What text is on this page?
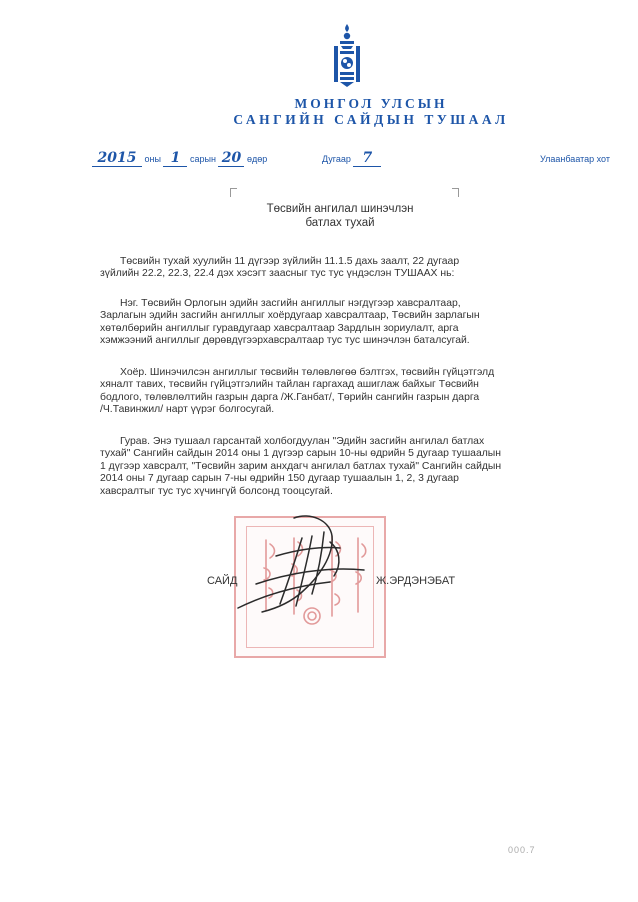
МОНГОЛ УЛСЫН
САНГИЙН САЙДЫН ТУШААЛ
2015 оны 1 сарын 20 өдөр	Дугаар 7	Улаанбаатар хот
Төсвийн ангилал шинэчлэн
батлах тухай
Төсвийн тухай хуулийн 11 дүгээр зүйлийн 11.1.5 дахь заалт, 22 дугаар
зүйлийн 22.2, 22.3, 22.4 дэх хэсэгт заасныг тус тус үндэслэн ТУШААХ нь:
Нэг. Төсвийн Орлогын эдийн засгийн ангиллыг нэгдүгээр хавсралтаар,
Зарлагын эдийн засгийн ангиллыг хоёрдугаар хавсралтаар, Төсвийн зарлагын
хөтөлбөрийн ангиллыг гуравдугаар хавсралтаар Зардлын зориулалт, арга
хэмжээний ангиллыг дөрөвдүгээрхавсралтаар тус тус шинэчлэн баталсугай.
Хоёр. Шинэчилсэн ангиллыг төсвийн төлөвлөгөө бэлтгэх, төсвийн гүйцэтгэлд
хяналт тавих, төсвийн гүйцэтгэлийн тайлан гаргахад ашиглаж байхыг Төсвийн
бодлого, төлөвлөлтийн газрын дарга /Ж.Ганбат/, Төрийн сангийн газрын дарга
/Ч.Тавинжил/ нарт үүрэг болгосугай.
Гурав. Энэ тушаал гарсантай холбогдуулан "Эдийн засгийн ангилал батлах
тухай" Сангийн сайдын 2014 оны 1 дүгээр сарын 10-ны өдрийн 5 дугаар тушаалын
1 дүгээр хавсралт, "Төсвийн зарим анхдагч ангилал батлах тухай" Сангийн сайдын
2014 оны 7 дугаар сарын 7-ны өдрийн 150 дугаар тушаалын 1, 2, 3 дугаар
хавсралтыг тус тус хүчингүй болсонд тооцсугай.
САЙД	Ж.ЭРДЭНЭБАТ
000.7
